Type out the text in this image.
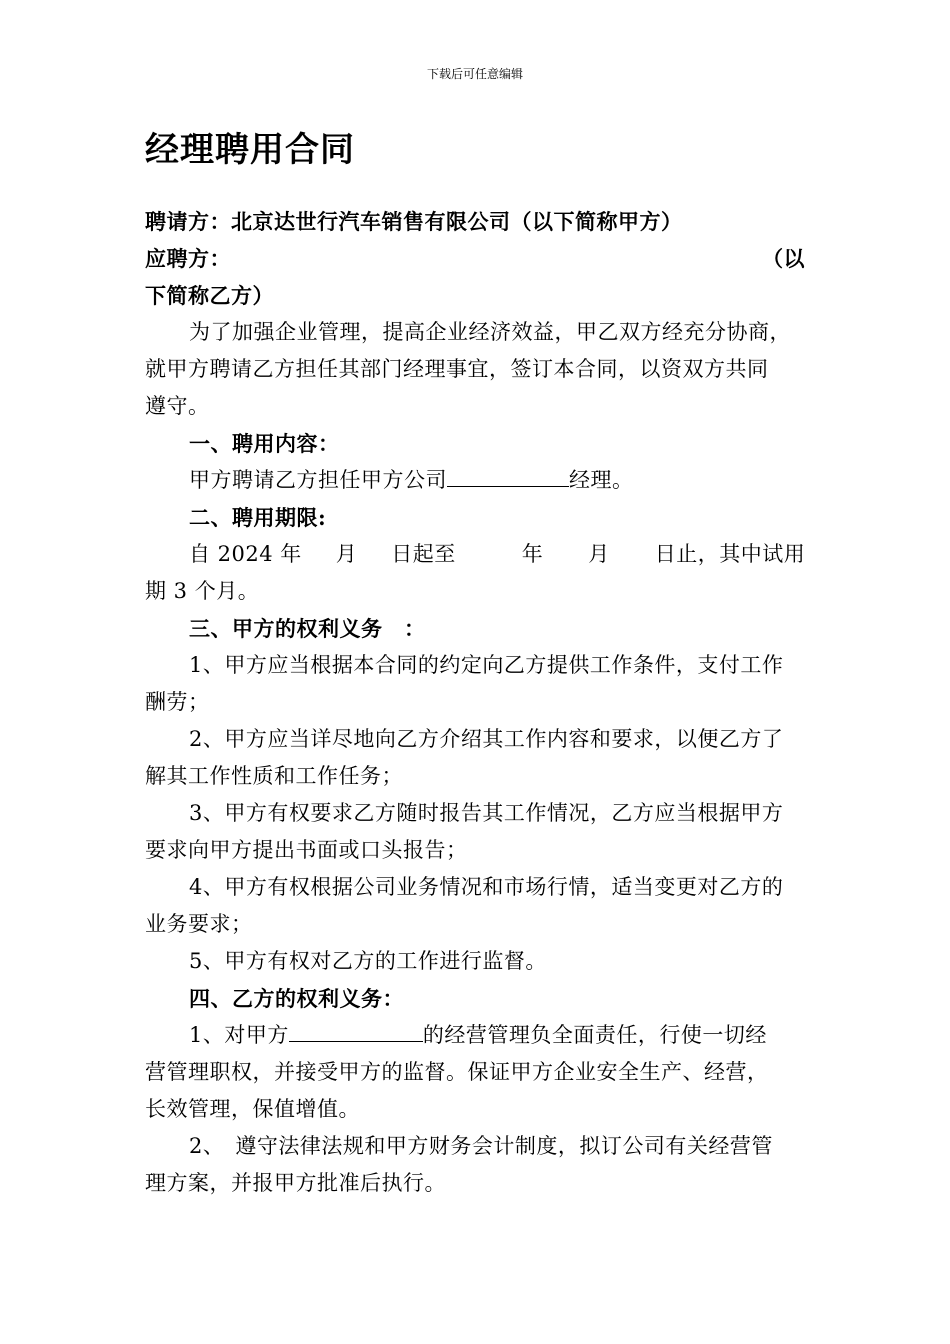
下载后可任意编辑
经理聘用合同
聘请方：北京达世行汽车销售有限公司（以下简称甲方）
应聘方：	（以
下简称乙方）
为了加强企业管理，提高企业经济效益，甲乙双方经充分协商，
就甲方聘请乙方担任其部门经理事宜，签订本合同，以资双方共同
遵守。
一、聘用内容：
甲方聘请乙方担任甲方公司	经理。
二、聘用期限:
自 2024 年 月 日起至	年 月 日止，其中试用
期 3 个月。
三、甲方的权利义务　：
1、甲方应当根据本合同的约定向乙方提供工作条件，支付工作
酬劳；
2、甲方应当详尽地向乙方介绍其工作内容和要求，以便乙方了
解其工作性质和工作任务；
3、甲方有权要求乙方随时报告其工作情况，乙方应当根据甲方
要求向甲方提出书面或口头报告；
4、甲方有权根据公司业务情况和市场行情，适当变更对乙方的
业务要求；
5、甲方有权对乙方的工作进行监督。
四、乙方的权利义务：
1、对甲方	的经营管理负全面责任，行使一切经
营管理职权，并接受甲方的监督。保证甲方企业安全生产、经营，
长效管理，保值增值。
2、　遵守法律法规和甲方财务会计制度，拟订公司有关经营管
理方案，并报甲方批准后执行。
